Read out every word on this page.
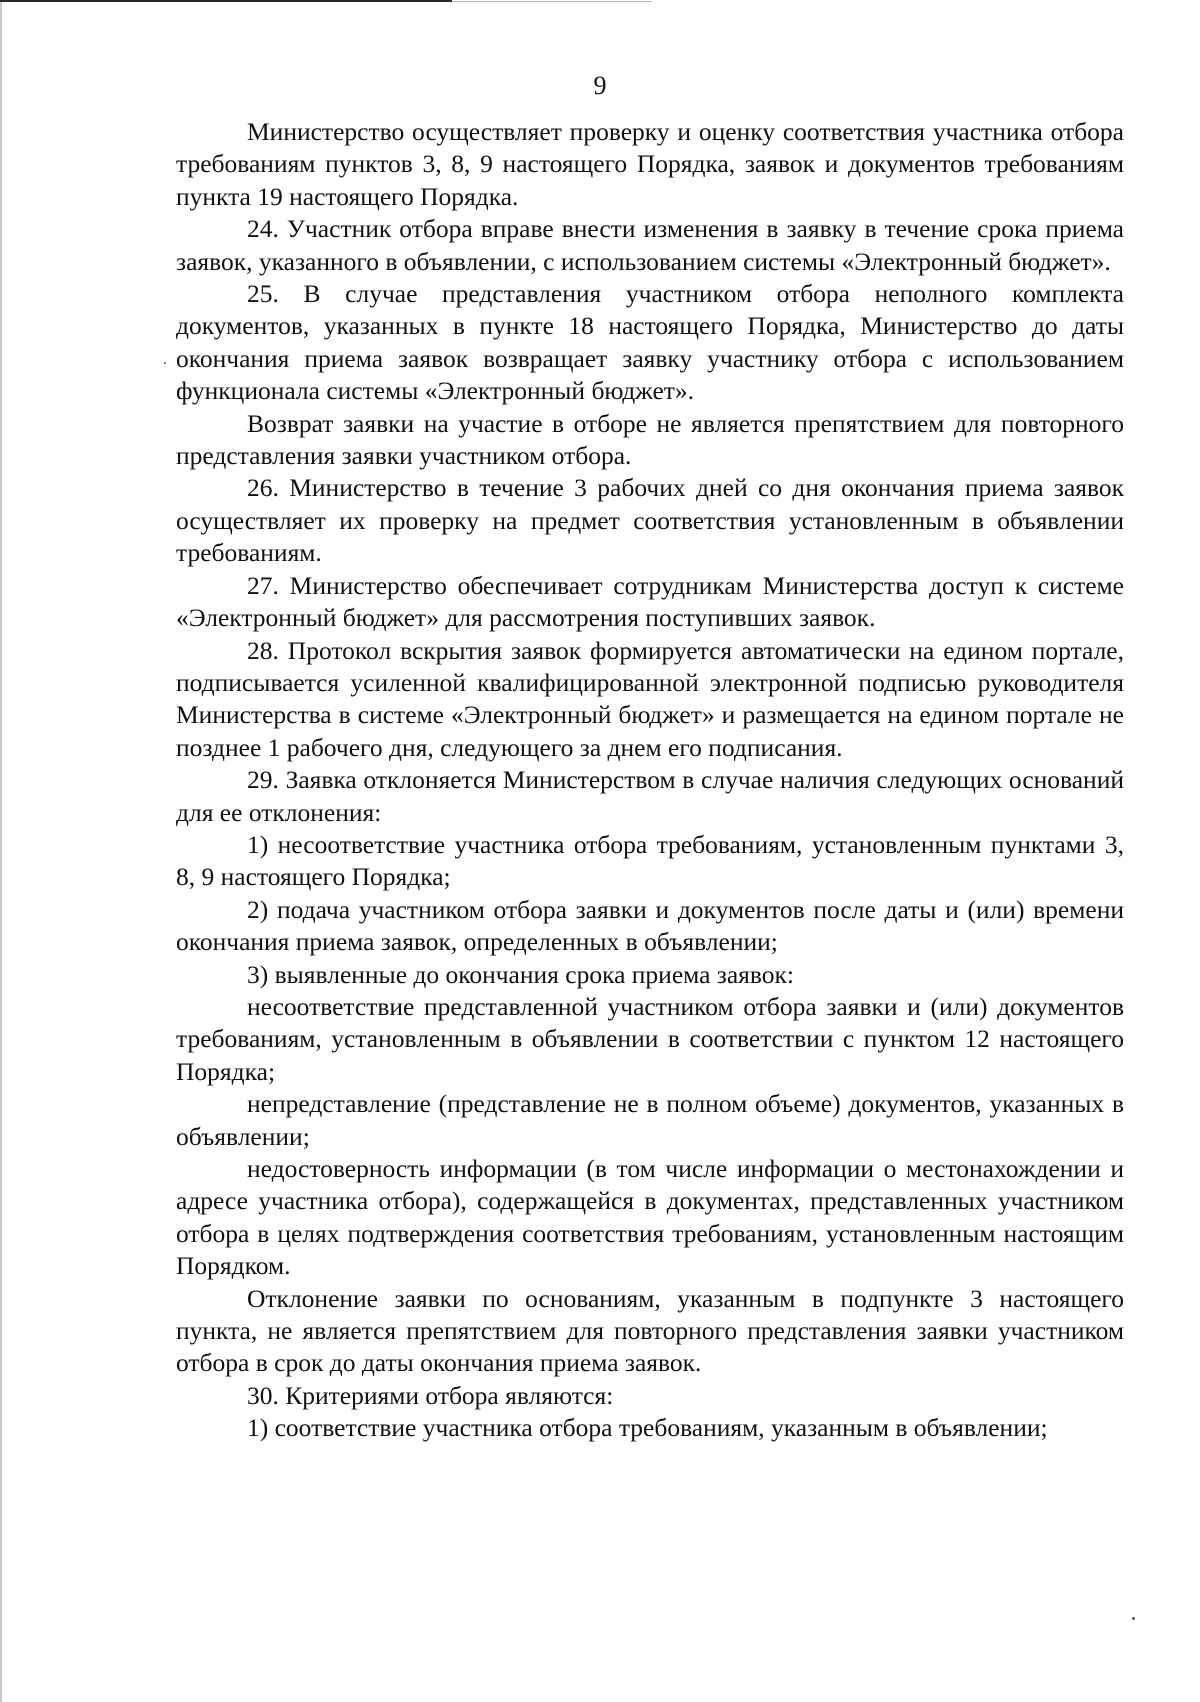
9

Министерство осуществляет проверку и оценку соответствия участника отбора требованиям пунктов 3, 8, 9 настоящего Порядка, заявок и документов требованиям пункта 19 настоящего Порядка.

24. Участник отбора вправе внести изменения в заявку в течение срока приема заявок, указанного в объявлении, с использованием системы «Электронный бюджет».

25. В случае представления участником отбора неполного комплекта документов, указанных в пункте 18 настоящего Порядка, Министерство до даты окончания приема заявок возвращает заявку участнику отбора с использованием функционала системы «Электронный бюджет».

Возврат заявки на участие в отборе не является препятствием для повторного представления заявки участником отбора.

26. Министерство в течение 3 рабочих дней со дня окончания приема заявок осуществляет их проверку на предмет соответствия установленным в объявлении требованиям.

27. Министерство обеспечивает сотрудникам Министерства доступ к системе «Электронный бюджет» для рассмотрения поступивших заявок.

28. Протокол вскрытия заявок формируется автоматически на едином портале, подписывается усиленной квалифицированной электронной подписью руководителя Министерства в системе «Электронный бюджет» и размещается на едином портале не позднее 1 рабочего дня, следующего за днем его подписания.

29. Заявка отклоняется Министерством в случае наличия следующих оснований для ее отклонения:

1) несоответствие участника отбора требованиям, установленным пунктами 3, 8, 9 настоящего Порядка;

2) подача участником отбора заявки и документов после даты и (или) времени окончания приема заявок, определенных в объявлении;

3) выявленные до окончания срока приема заявок:

несоответствие представленной участником отбора заявки и (или) документов требованиям, установленным в объявлении в соответствии с пунктом 12 настоящего Порядка;

непредставление (представление не в полном объеме) документов, указанных в объявлении;

недостоверность информации (в том числе информации о местонахождении и адресе участника отбора), содержащейся в документах, представленных участником отбора в целях подтверждения соответствия требованиям, установленным настоящим Порядком.

Отклонение заявки по основаниям, указанным в подпункте 3 настоящего пункта, не является препятствием для повторного представления заявки участником отбора в срок до даты окончания приема заявок.

30. Критериями отбора являются:

1) соответствие участника отбора требованиям, указанным в объявлении;
